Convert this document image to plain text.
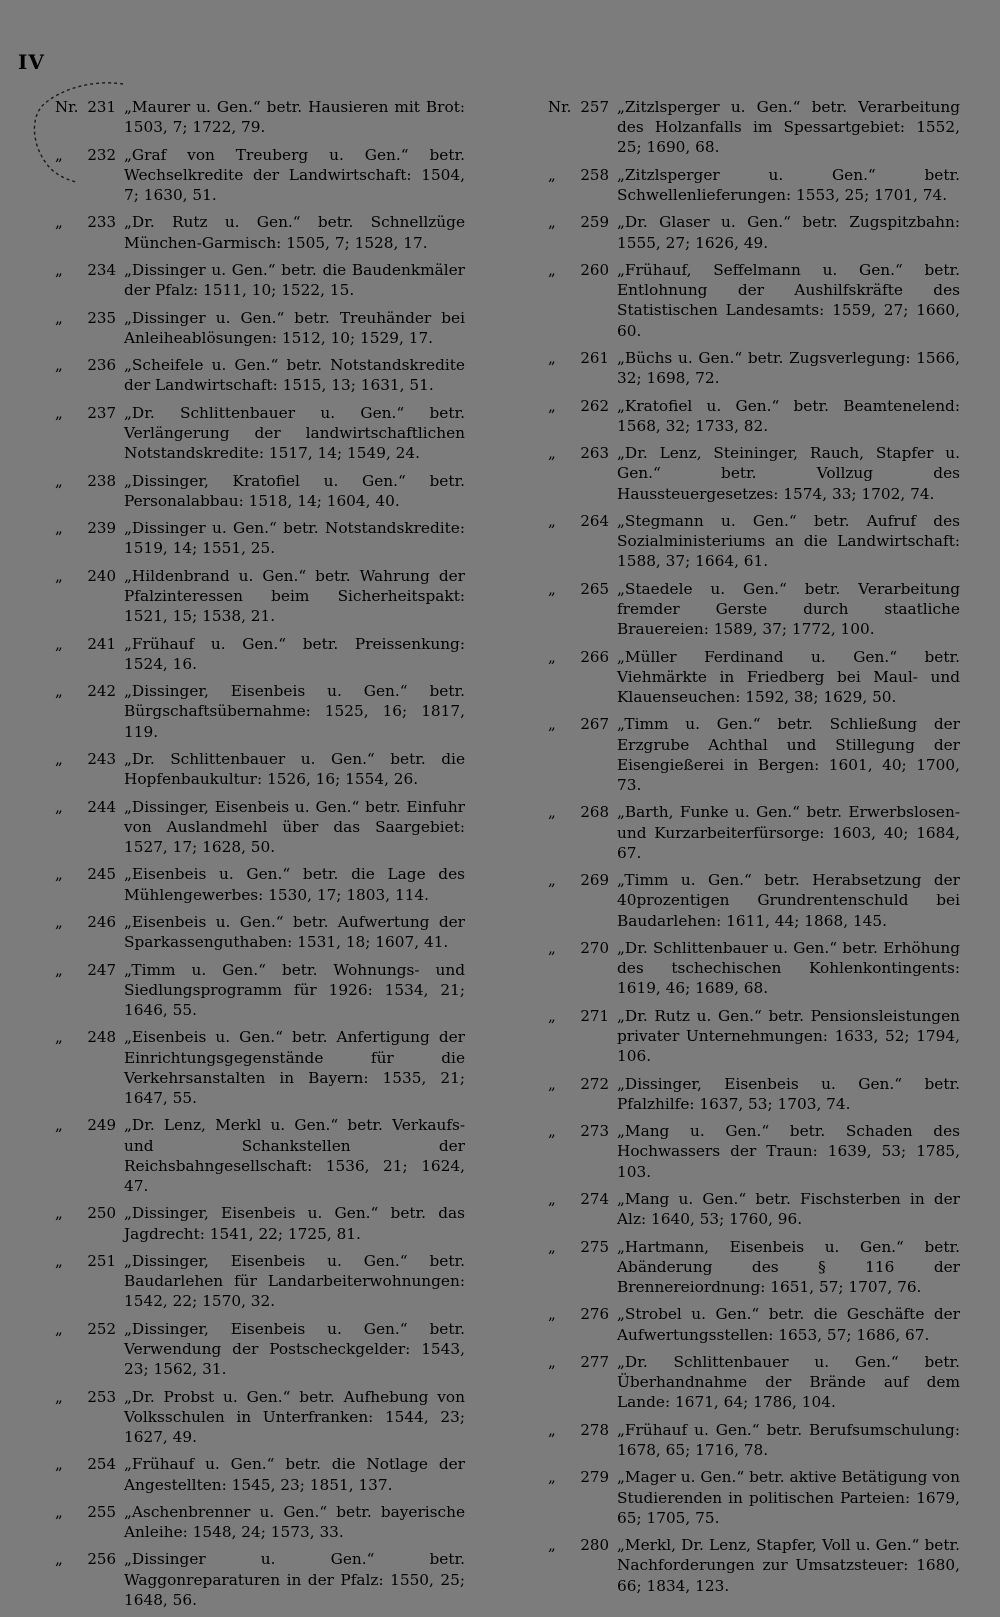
IV
Nr. 231 „Maurer u. Gen.“ betr. Hausieren mit Brot: 1503, 7; 1722, 79.
„	232 „Graf von Treuberg u. Gen.“ betr. Wechselkredite der Landwirtschaft: 1504, 7; 1630, 51.
„	233 „Dr. Rutz u. Gen.“ betr. Schnellzüge München-Garmisch: 1505, 7; 1528, 17.
„	234 „Dissinger u. Gen.“ betr. die Baudenkmäler der Pfalz: 1511, 10; 1522, 15.
„	235 „Dissinger u. Gen.“ betr. Treuhänder bei Anleiheablösungen: 1512, 10; 1529, 17.
„	236 „Scheifele u. Gen.“ betr. Notstandskredite der Landwirtschaft: 1515, 13; 1631, 51.
„	237 „Dr. Schlittenbauer u. Gen.“ betr. Verlängerung der landwirtschaftlichen Notstandskredite: 1517, 14; 1549, 24.
„	238 „Dissinger, Kratofiel u. Gen.“ betr. Personalabbau: 1518, 14; 1604, 40.
„	239 „Dissinger u. Gen.“ betr. Notstandskredite: 1519, 14; 1551, 25.
„	240 „Hildenbrand u. Gen.“ betr. Wahrung der Pfalzinteressen beim Sicherheitspakt: 1521, 15; 1538, 21.
„	241 „Frühauf u. Gen.“ betr. Preissenkung: 1524, 16.
„	242 „Dissinger, Eisenbeis u. Gen.“ betr. Bürgschaftsübernahme: 1525, 16; 1817, 119.
„	243 „Dr. Schlittenbauer u. Gen.“ betr. die Hopfenbaukultur: 1526, 16; 1554, 26.
„	244 „Dissinger, Eisenbeis u. Gen.“ betr. Einfuhr von Auslandmehl über das Saargebiet: 1527, 17; 1628, 50.
„	245 „Eisenbeis u. Gen.“ betr. die Lage des Mühlengewerbes: 1530, 17; 1803, 114.
„	246 „Eisenbeis u. Gen.“ betr. Aufwertung der Sparkassenguthaben: 1531, 18; 1607, 41.
„	247 „Timm u. Gen.“ betr. Wohnungs- und Siedlungsprogramm für 1926: 1534, 21; 1646, 55.
„	248 „Eisenbeis u. Gen.“ betr. Anfertigung der Einrichtungsgegenstände für die Verkehrsanstalten in Bayern: 1535, 21; 1647, 55.
„	249 „Dr. Lenz, Merkl u. Gen.“ betr. Verkaufs- und Schankstellen der Reichsbahngesellschaft: 1536, 21; 1624, 47.
„	250 „Dissinger, Eisenbeis u. Gen.“ betr. das Jagdrecht: 1541, 22; 1725, 81.
„	251 „Dissinger, Eisenbeis u. Gen.“ betr. Baudarlehen für Landarbeiterwohnungen: 1542, 22; 1570, 32.
„	252 „Dissinger, Eisenbeis u. Gen.“ betr. Verwendung der Postscheckgelder: 1543, 23; 1562, 31.
„	253 „Dr. Probst u. Gen.“ betr. Aufhebung von Volksschulen in Unterfranken: 1544, 23; 1627, 49.
„	254 „Frühauf u. Gen.“ betr. die Notlage der Angestellten: 1545, 23; 1851, 137.
„	255 „Aschenbrenner u. Gen.“ betr. bayerische Anleihe: 1548, 24; 1573, 33.
„	256 „Dissinger u. Gen.“ betr. Waggonreparaturen in der Pfalz: 1550, 25; 1648, 56.
Nr. 257 „Zitzlsperger u. Gen.“ betr. Verarbeitung des Holzanfalls im Spessartgebiet: 1552, 25; 1690, 68.
„	258 „Zitzlsperger u. Gen.“ betr. Schwellenlieferungen: 1553, 25; 1701, 74.
„	259 „Dr. Glaser u. Gen.“ betr. Zugspitzbahn: 1555, 27; 1626, 49.
„	260 „Frühauf, Seffelmann u. Gen.“ betr. Entlohnung der Aushilfskräfte des Statistischen Landesamts: 1559, 27; 1660, 60.
„	261 „Büchs u. Gen.“ betr. Zugsverlegung: 1566, 32; 1698, 72.
„	262 „Kratofiel u. Gen.“ betr. Beamtenelend: 1568, 32; 1733, 82.
„	263 „Dr. Lenz, Steininger, Rauch, Stapfer u. Gen.“ betr. Vollzug des Haussteuergesetzes: 1574, 33; 1702, 74.
„	264 „Stegmann u. Gen.“ betr. Aufruf des Sozialministeriums an die Landwirtschaft: 1588, 37; 1664, 61.
„	265 „Staedele u. Gen.“ betr. Verarbeitung fremder Gerste durch staatliche Brauereien: 1589, 37; 1772, 100.
„	266 „Müller Ferdinand u. Gen.“ betr. Viehmärkte in Friedberg bei Maul- und Klauenseuchen: 1592, 38; 1629, 50.
„	267 „Timm u. Gen.“ betr. Schließung der Erzgrube Achthal und Stillegung der Eisengießerei in Bergen: 1601, 40; 1700, 73.
„	268 „Barth, Funke u. Gen.“ betr. Erwerbslosen- und Kurzarbeiterfürsorge: 1603, 40; 1684, 67.
„	269 „Timm u. Gen.“ betr. Herabsetzung der 40prozentigen Grundrentenschuld bei Baudarlehen: 1611, 44; 1868, 145.
„	270 „Dr. Schlittenbauer u. Gen.“ betr. Erhöhung des tschechischen Kohlenkontingents: 1619, 46; 1689, 68.
„	271 „Dr. Rutz u. Gen.“ betr. Pensionsleistungen privater Unternehmungen: 1633, 52; 1794, 106.
„	272 „Dissinger, Eisenbeis u. Gen.“ betr. Pfalzhilfe: 1637, 53; 1703, 74.
„	273 „Mang u. Gen.“ betr. Schaden des Hochwassers der Traun: 1639, 53; 1785, 103.
„	274 „Mang u. Gen.“ betr. Fischsterben in der Alz: 1640, 53; 1760, 96.
„	275 „Hartmann, Eisenbeis u. Gen.“ betr. Abänderung des § 116 der Brennereiordnung: 1651, 57; 1707, 76.
„	276 „Strobel u. Gen.“ betr. die Geschäfte der Aufwertungsstellen: 1653, 57; 1686, 67.
„	277 „Dr. Schlittenbauer u. Gen.“ betr. Überhandnahme der Brände auf dem Lande: 1671, 64; 1786, 104.
„	278 „Frühauf u. Gen.“ betr. Berufsumschulung: 1678, 65; 1716, 78.
„	279 „Mager u. Gen.“ betr. aktive Betätigung von Studierenden in politischen Parteien: 1679, 65; 1705, 75.
„	280 „Merkl, Dr. Lenz, Stapfer, Voll u. Gen.“ betr. Nachforderungen zur Umsatzsteuer: 1680, 66; 1834, 123.
